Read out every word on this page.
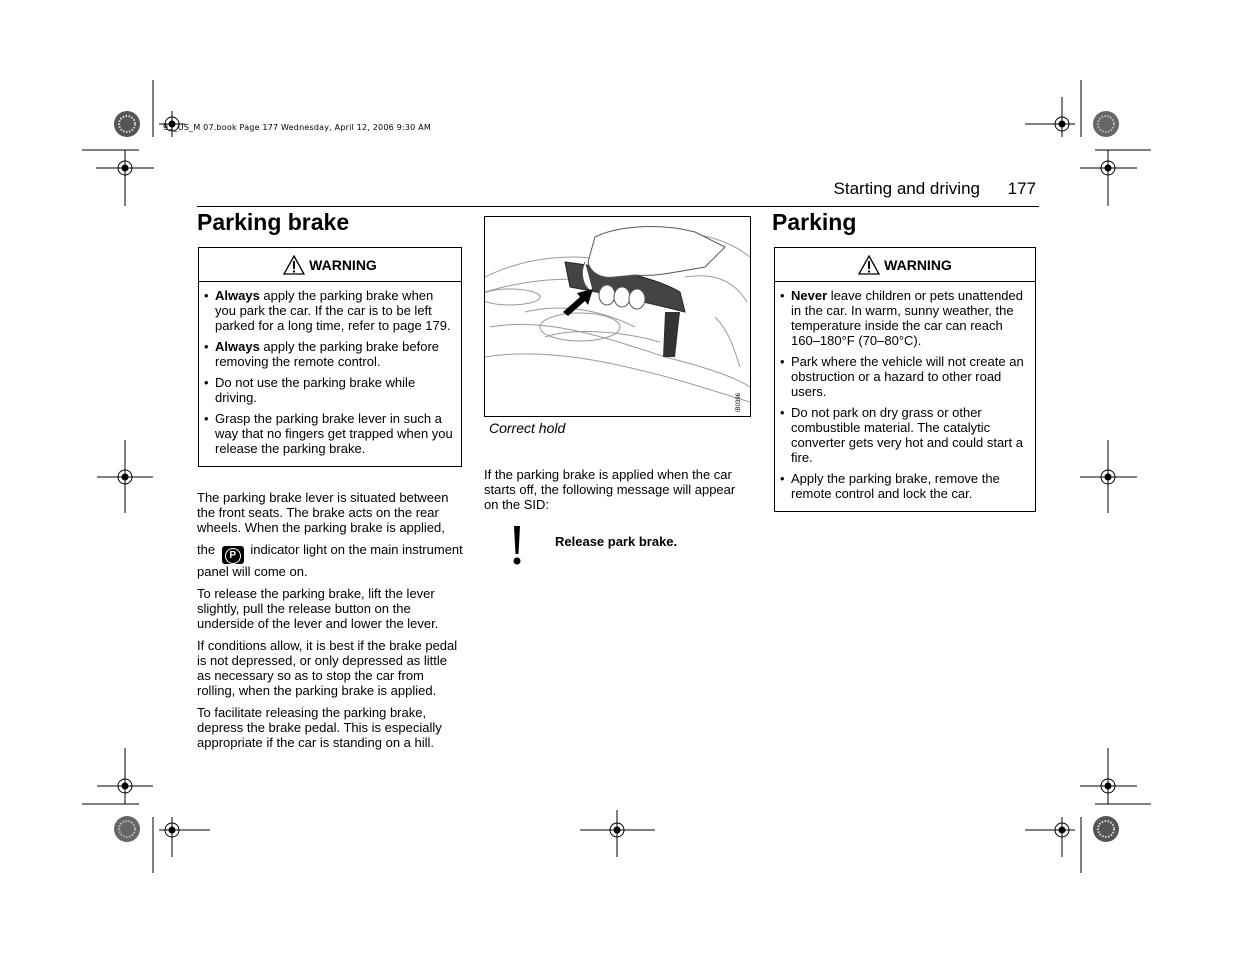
93_US_M 07.book Page 177 Wednesday, April 12, 2006 9:30 AM
Starting and driving 177
Parking brake
WARNING
• Always apply the parking brake when you park the car. If the car is to be left parked for a long time, refer to page 179.
• Always apply the parking brake before removing the remote control.
• Do not use the parking brake while driving.
• Grasp the parking brake lever in such a way that no fingers get trapped when you release the parking brake.

The parking brake lever is situated between the front seats. The brake acts on the rear wheels. When the parking brake is applied,

the P indicator light on the main instrument panel will come on.

To release the parking brake, lift the lever slightly, pull the release button on the underside of the lever and lower the lever.

If conditions allow, it is best if the brake pedal is not depressed, or only depressed as little as necessary so as to stop the car from rolling, when the parking brake is applied.

To facilitate releasing the parking brake, depress the brake pedal. This is especially appropriate if the car is standing on a hill.

IB0396
Correct hold
If the parking brake is applied when the car starts off, the following message will appear on the SID:
Release park brake.
Parking
WARNING
• Never leave children or pets unattended in the car. In warm, sunny weather, the temperature inside the car can reach 160–180°F (70–80°C).
• Park where the vehicle will not create an obstruction or a hazard to other road users.
• Do not park on dry grass or other combustible material. The catalytic converter gets very hot and could start a fire.
• Apply the parking brake, remove the remote control and lock the car.
